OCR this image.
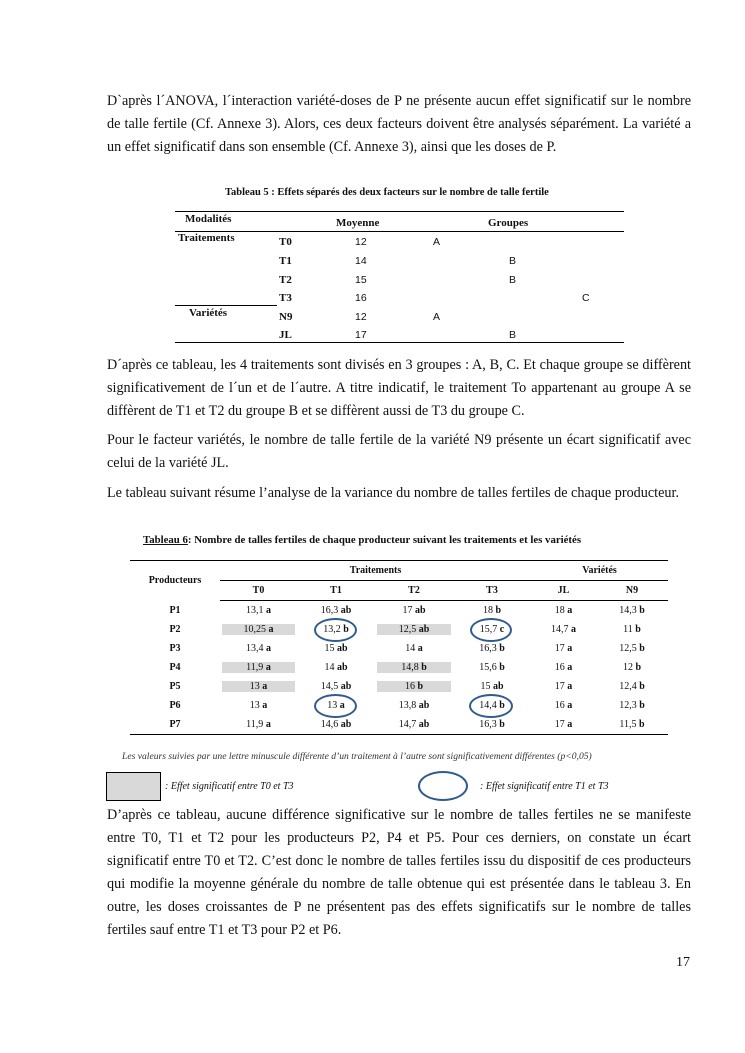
D`après l´ANOVA, l´interaction variété-doses de P ne présente aucun effet significatif sur le nombre de talle fertile (Cf. Annexe 3). Alors, ces deux facteurs doivent être analysés séparément. La variété a un effet significatif dans son ensemble (Cf. Annexe 3), ainsi que les doses de P.

Tableau 5 : Effets séparés des deux facteurs sur le nombre de talle fertile
Modalités	Moyenne	Groupes
Traitements
Variétés
T0	12	A
T1	14	B
T2	15	B
T3	16	C
N9	12	A
JL	17	B

D´après ce tableau, les 4 traitements sont divisés en 3 groupes : A, B, C. Et chaque groupe se diffèrent significativement de l´un et de l´autre. A titre indicatif, le traitement To appartenant au groupe A se diffèrent de T1 et T2 du groupe B et se diffèrent aussi de T3 du groupe C.

Pour le facteur variétés, le nombre de talle fertile de la variété N9 présente un écart significatif avec celui de la variété JL.

Le tableau suivant résume l’analyse de la variance du nombre de talles fertiles de chaque producteur.

Tableau 6: Nombre de talles fertiles de chaque producteur suivant les traitements et les variétés
Producteurs	Traitements				Variétés	
	T0	T1	T2	T3	JL	N9
P1	13,1 a	16,3 ab	17 ab	18 b	18 a	14,3 b
P2	10,25 a	13,2 b	12,5 ab	15,7 c	14,7 a	11 b
P3	13,4 a	15 ab	14 a	16,3 b	17 a	12,5 b
P4	11,9 a	14 ab	14,8 b	15,6 b	16 a	12 b
P5	13 a	14,5 ab	16 b	15 ab	17 a	12,4 b
P6	13 a	13 a	13,8 ab	14,4 b	16 a	12,3 b
P7	11,9 a	14,6 ab	14,7 ab	16,3 b	17 a	11,5 b
Les valeurs suivies par une lettre minuscule différente d’un traitement à l’autre sont significativement différentes (p<0,05)
: Effet significatif entre T0 et T3	: Effet significatif entre T1 et T3

D’après ce tableau, aucune différence significative sur le nombre de talles fertiles ne se manifeste entre T0, T1 et T2 pour les producteurs P2, P4 et P5. Pour ces derniers, on constate un écart significatif entre T0 et T2. C’est donc le nombre de talles fertiles issu du dispositif de ces producteurs qui modifie la moyenne générale du nombre de talle obtenue qui est présentée dans le tableau 3. En outre, les doses croissantes de P ne présentent pas des effets significatifs sur le nombre de talles fertiles sauf entre T1 et T3 pour P2 et P6.

17
